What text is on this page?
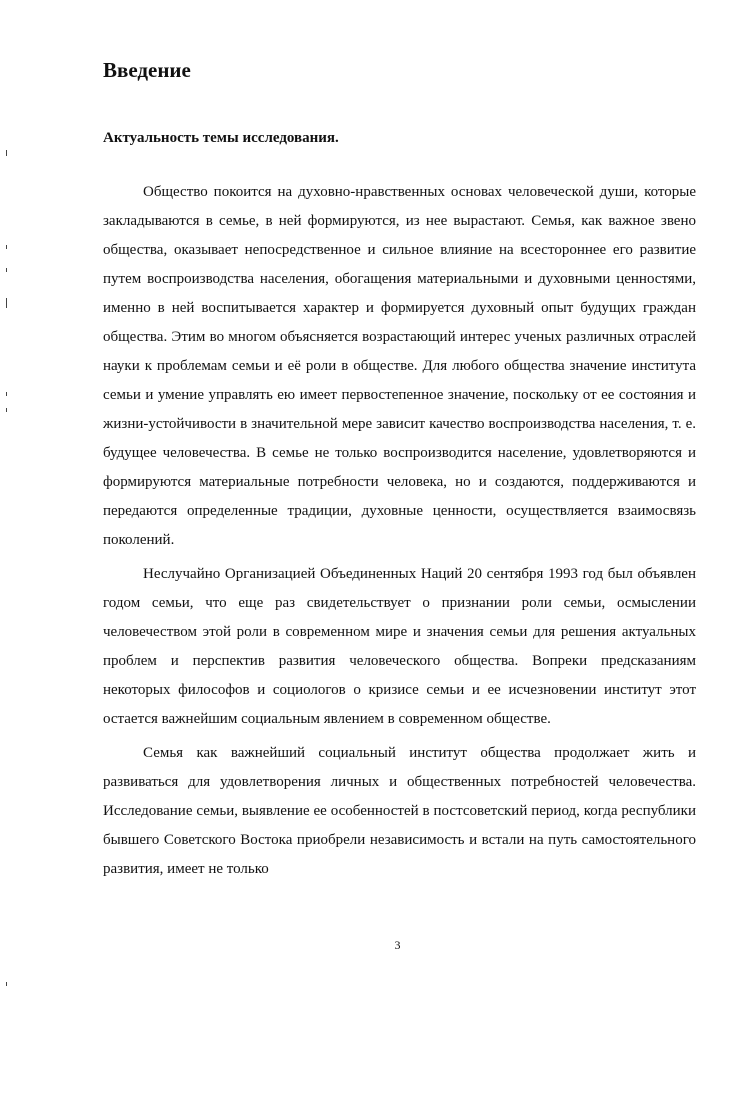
Введение
Актуальность темы исследования.

Общество покоится на духовно-нравственных основах человеческой души, которые закладываются в семье, в ней формируются, из нее вырастают. Семья, как важное звено общества, оказывает непосредственное и сильное влияние на всестороннее его развитие путем воспроизводства населения, обогащения материальными и духовными ценностями, именно в ней воспитывается характер и формируется духовный опыт будущих граждан общества. Этим во многом объясняется возрастающий интерес ученых различных отраслей науки к проблемам семьи и её роли в обществе. Для любого общества значение института семьи и умение управлять ею имеет первостепенное значение, поскольку от ее состояния и жизни-устойчивости в значительной мере зависит качество воспроизводства населения, т. е. будущее человечества. В семье не только воспроизводится население, удовлетворяются и формируются материальные потребности человека, но и создаются, поддерживаются и передаются определенные традиции, духовные ценности, осуществляется взаимосвязь поколений.

Неслучайно Организацией Объединенных Наций 20 сентября 1993 год был объявлен годом семьи, что еще раз свидетельствует о признании роли семьи, осмыслении человечеством этой роли в современном мире и значения семьи для решения актуальных проблем и перспектив развития человеческого общества. Вопреки предсказаниям некоторых философов и социологов о кризисе семьи и ее исчезновении институт этот остается важнейшим социальным явлением в современном обществе.

Семья как важнейший социальный институт общества продолжает жить и развиваться для удовлетворения личных и общественных потребностей человечества. Исследование семьи, выявление ее особенностей в постсоветский период, когда республики бывшего Советского Востока приобрели независимость и встали на путь самостоятельного развития, имеет не только

3
